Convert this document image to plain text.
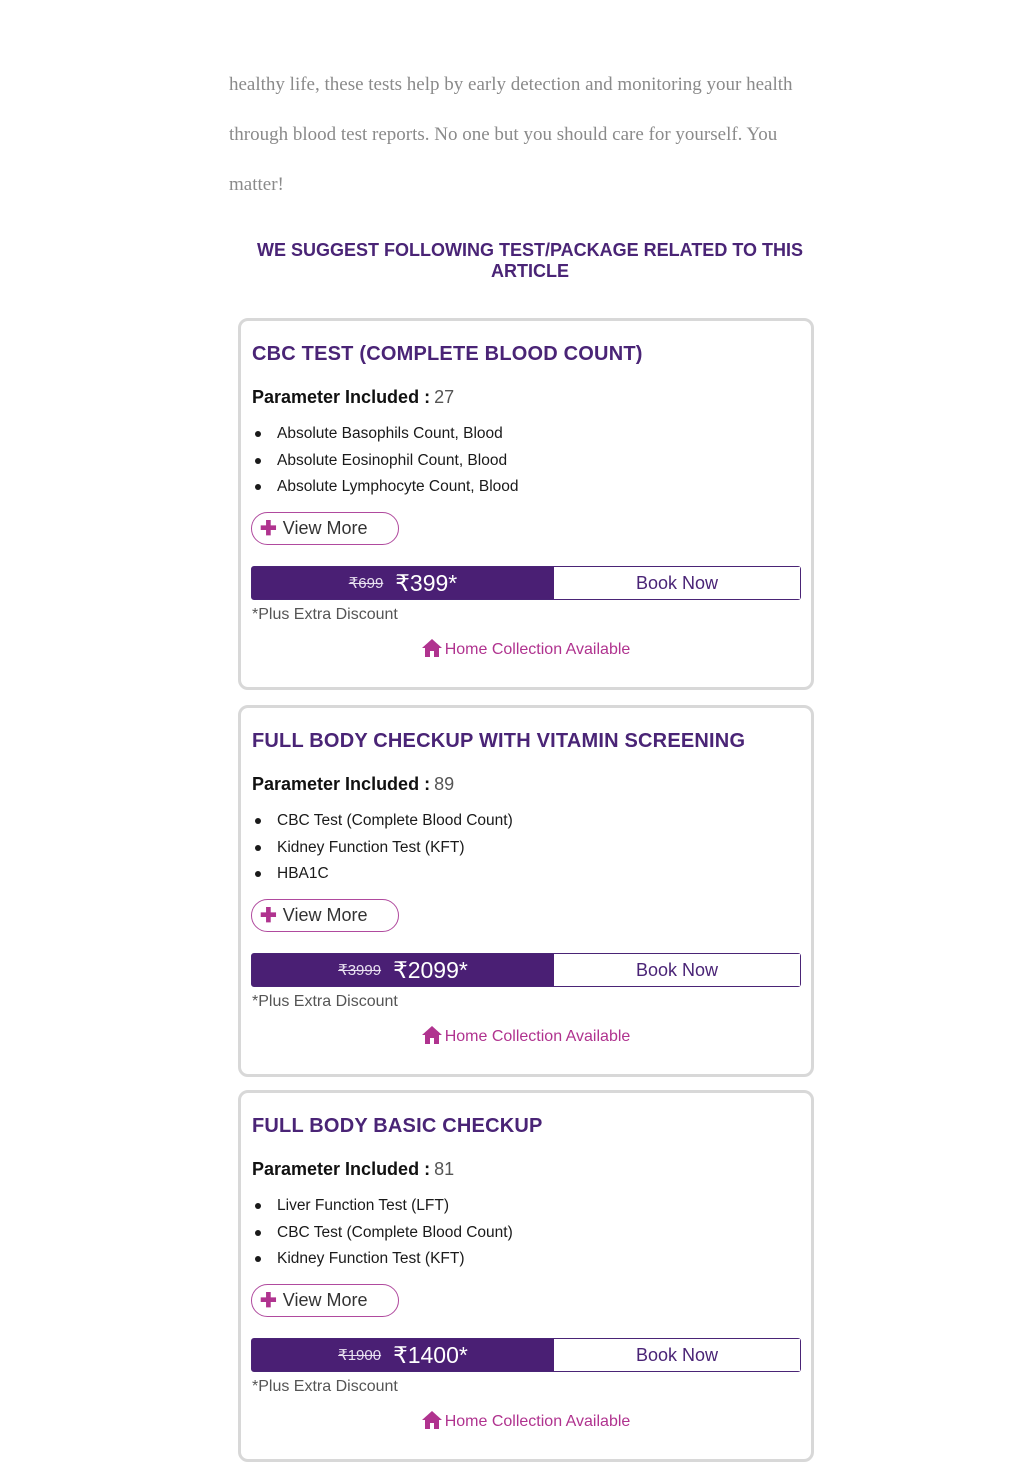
healthy life, these tests help by early detection and monitoring your health
through blood test reports. No one but you should care for yourself. You
matter!

WE SUGGEST FOLLOWING TEST/PACKAGE RELATED TO THIS ARTICLE
CBC TEST (COMPLETE BLOOD COUNT)
Parameter Included : 27
Absolute Basophils Count, Blood
Absolute Eosinophil Count, Blood
Absolute Lymphocyte Count, Blood
✚ View More
₹699 ₹399*	Book Now
*Plus Extra Discount
Home Collection Available
FULL BODY CHECKUP WITH VITAMIN SCREENING
Parameter Included : 89
CBC Test (Complete Blood Count)
Kidney Function Test (KFT)
HBA1C
✚ View More
₹3999 ₹2099*	Book Now
*Plus Extra Discount
Home Collection Available
FULL BODY BASIC CHECKUP
Parameter Included : 81
Liver Function Test (LFT)
CBC Test (Complete Blood Count)
Kidney Function Test (KFT)
✚ View More
₹1900 ₹1400*	Book Now
*Plus Extra Discount
Home Collection Available
